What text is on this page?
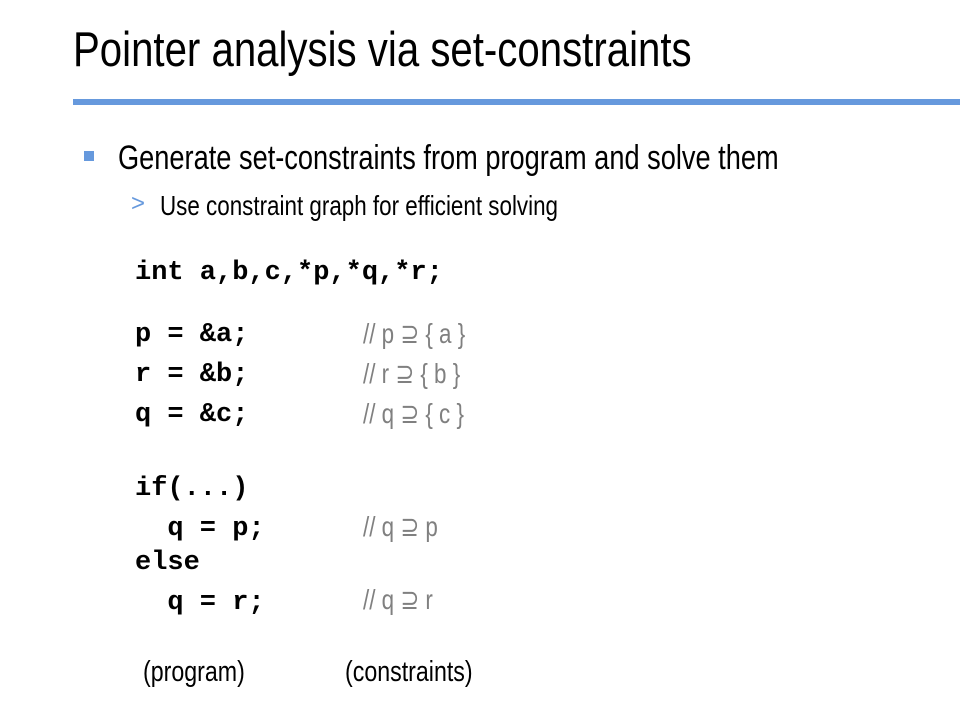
Pointer analysis via set-constraints
Generate set-constraints from program and solve them
> Use constraint graph for efficient solving
int a,b,c,*p,*q,*r;
p = &a;
r = &b;
q = &c;
if(...)
q = p;
else
q = r;
// p ⊇ { a }
// r ⊇ { b }
// q ⊇ { c }
// q ⊇ p
// q ⊇ r
(program)	(constraints)
